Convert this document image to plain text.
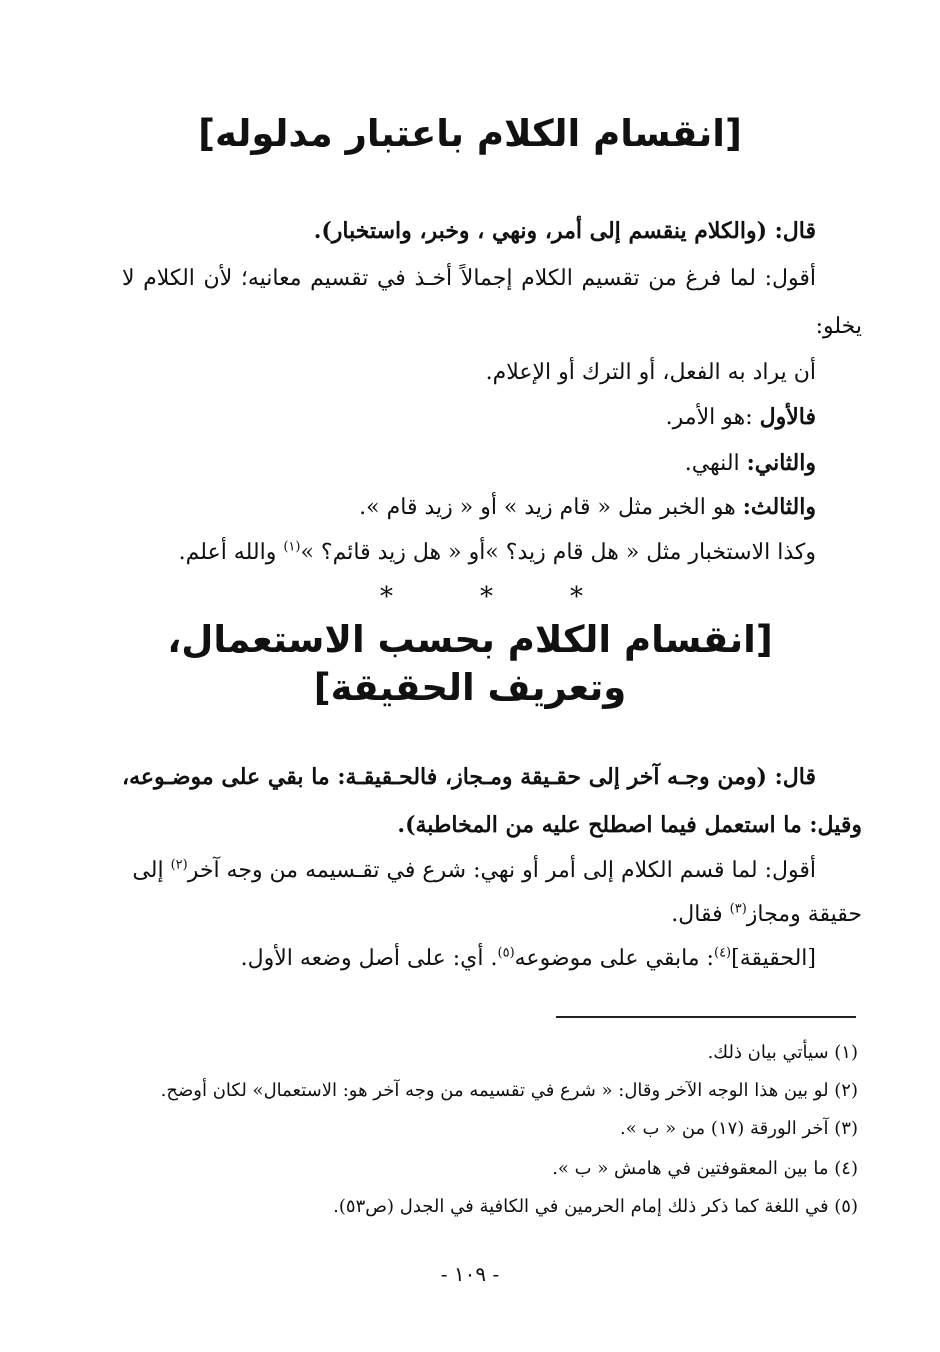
[انقسام الكلام باعتبار مدلوله]
قال: (والكلام ينقسم إلى أمر، ونهي ، وخبر، واستخبار).
أقول: لما فرغ من تقسيم الكلام إجمالاً أخـذ في تقسيم معانيه؛ لأن الكلام لا
يخلو:
أن يراد به الفعل، أو الترك أو الإعلام.
فالأول :هو الأمر.
والثاني: النهي.
والثالث: هو الخبر مثل « قام زيد » أو « زيد قام ».
وكذا الاستخبار مثل « هل قام زيد؟ »أو « هل زيد قائم؟ »$^{(١)}$ والله أعلم.
*	*	*
[انقسام الكلام بحسب الاستعمال،
وتعريف الحقيقة]
قال: (ومن وجـه آخر إلى حقـيقة ومـجاز، فالحـقيقـة: ما بقي على موضـوعه،
وقيل: ما استعمل فيما اصطلح عليه من المخاطبة).
أقول: لما قسم الكلام إلى أمر أو نهي: شرع في تقـسيمه من وجه آخر$^{(٢)}$ إلى
حقيقة ومجاز$^{(٣)}$ فقال.
[الحقيقة]$^{(٤)}$: مابقي على موضوعه$^{(٥)}$. أي: على أصل وضعه الأول.
(١) سيأتي بيان ذلك.
(٢) لو بين هذا الوجه الآخر وقال: « شرع في تقسيمه من وجه آخر هو: الاستعمال» لكان أوضح.
(٣) آخر الورقة (١٧) من « ب ».
(٤) ما بين المعقوفتين في هامش « ب ».
(٥) في اللغة كما ذكر ذلك إمام الحرمين في الكافية في الجدل (ص٥٣).
- ١٠٩ -
